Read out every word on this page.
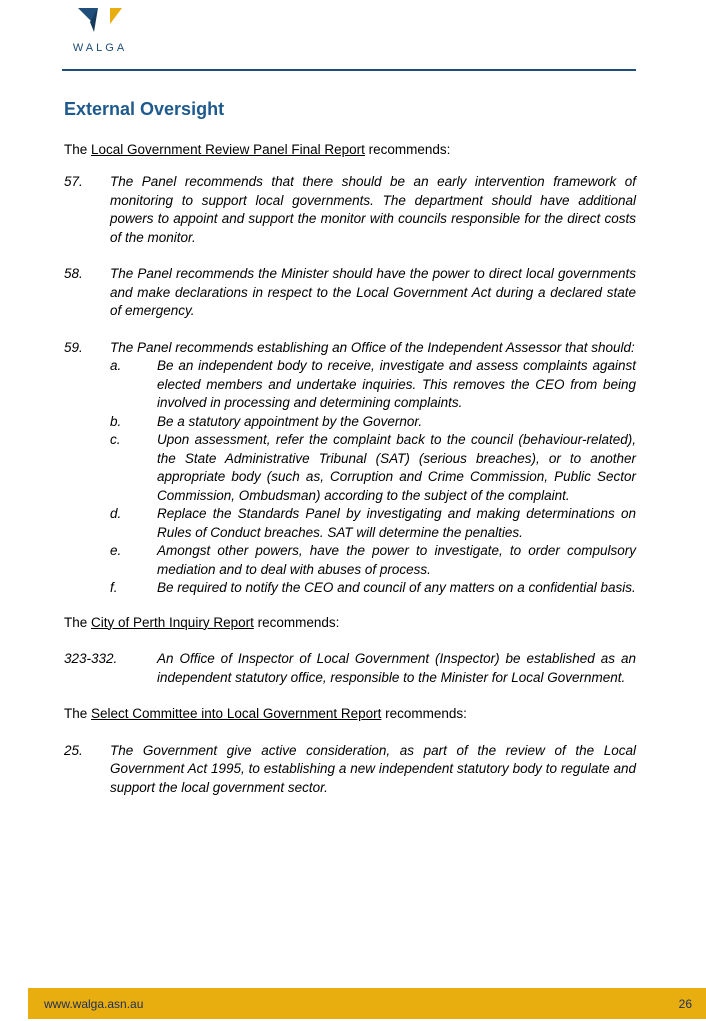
WALGA
External Oversight

The Local Government Review Panel Final Report recommends:

57.	The Panel recommends that there should be an early intervention framework of monitoring to support local governments. The department should have additional powers to appoint and support the monitor with councils responsible for the direct costs of the monitor.
58.	The Panel recommends the Minister should have the power to direct local governments and make declarations in respect to the Local Government Act during a declared state of emergency.
59.	The Panel recommends establishing an Office of the Independent Assessor that should:
a.	Be an independent body to receive, investigate and assess complaints against elected members and undertake inquiries. This removes the CEO from being involved in processing and determining complaints.
b.	Be a statutory appointment by the Governor.
c.	Upon assessment, refer the complaint back to the council (behaviour-related), the State Administrative Tribunal (SAT) (serious breaches), or to another appropriate body (such as, Corruption and Crime Commission, Public Sector Commission, Ombudsman) according to the subject of the complaint.
d.	Replace the Standards Panel by investigating and making determinations on Rules of Conduct breaches. SAT will determine the penalties.
e.	Amongst other powers, have the power to investigate, to order compulsory mediation and to deal with abuses of process.
f.	Be required to notify the CEO and council of any matters on a confidential basis.

The City of Perth Inquiry Report recommends:

323-332.	An Office of Inspector of Local Government (Inspector) be established as an independent statutory office, responsible to the Minister for Local Government.

The Select Committee into Local Government Report recommends:

25.	The Government give active consideration, as part of the review of the Local Government Act 1995, to establishing a new independent statutory body to regulate and support the local government sector.
www.walga.asn.au	26
